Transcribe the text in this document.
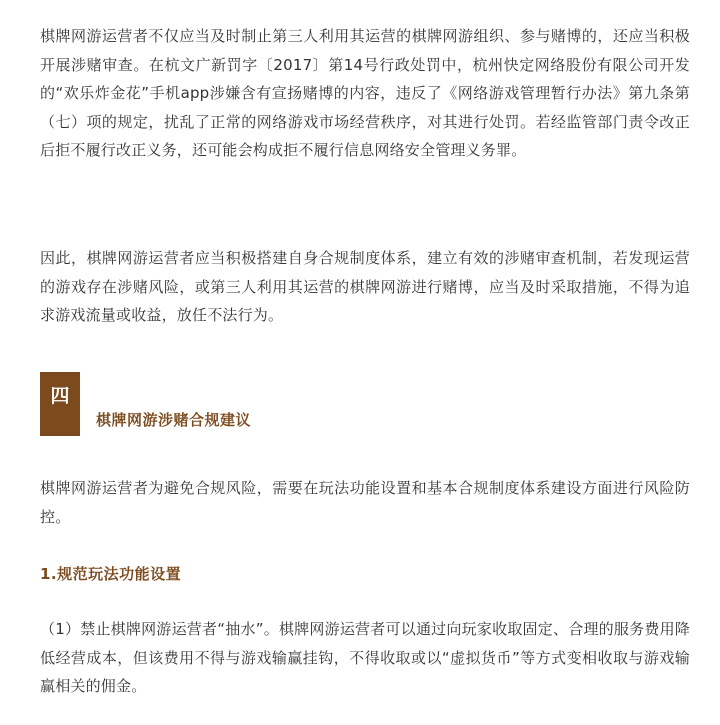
棋牌网游运营者不仅应当及时制止第三人利用其运营的棋牌网游组织、参与赌博的，还应当积极开展涉赌审查。在杭文广新罚字〔2017〕第14号行政处罚中，杭州快定网络股份有限公司开发的“欢乐炸金花”手机app涉嫌含有宣扬赌博的内容，违反了《网络游戏管理暂行办法》第九条第（七）项的规定，扰乱了正常的网络游戏市场经营秩序，对其进行处罚。若经监管部门责令改正后拒不履行改正义务，还可能会构成拒不履行信息网络安全管理义务罪。

因此，棋牌网游运营者应当积极搭建自身合规制度体系，建立有效的涉赌审查机制，若发现运营的游戏存在涉赌风险，或第三人利用其运营的棋牌网游进行赌博，应当及时采取措施，不得为追求游戏流量或收益，放任不法行为。

四
棋牌网游涉赌合规建议

棋牌网游运营者为避免合规风险，需要在玩法功能设置和基本合规制度体系建设方面进行风险防控。

1.规范玩法功能设置

（1）禁止棋牌网游运营者“抽水”。棋牌网游运营者可以通过向玩家收取固定、合理的服务费用降低经营成本，但该费用不得与游戏输赢挂钩，不得收取或以“虚拟货币”等方式变相收取与游戏输赢相关的佣金。
